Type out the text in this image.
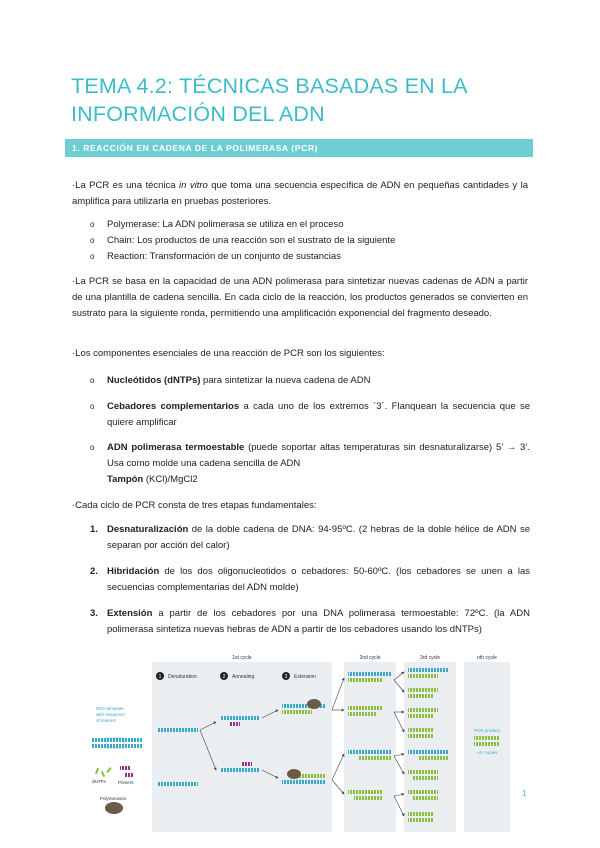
TEMA 4.2: TÉCNICAS BASADAS EN LA
INFORMACIÓN DEL ADN
1. REACCIÓN EN CADENA DE LA POLIMERASA (PCR)
·La PCR es una técnica in vitro que toma una secuencia específica de ADN en pequeñas cantidades y la amplifica para utilizarla en pruebas posteriores.
o Polymerase: La ADN polimerasa se utiliza en el proceso
o Chain: Los productos de una reacción son el sustrato de la siguiente
o Reaction: Transformación de un conjunto de sustancias
·La PCR se basa en la capacidad de una ADN polimerasa para sintetizar nuevas cadenas de ADN a partir de una plantilla de cadena sencilla. En cada ciclo de la reacción, los productos generados se convierten en sustrato para la siguiente ronda, permitiendo una amplificación exponencial del fragmento deseado.
·Los componentes esenciales de una reacción de PCR son los siguientes:
o Nucleótidos (dNTPs) para sintetizar la nueva cadena de ADN
o Cebadores complementarios a cada uno de los extremos ´3´. Flanquean la secuencia que se quiere amplificar
o ADN polimerasa termoestable (puede soportar altas temperaturas sin desnaturalizarse) 5’ → 3’. Usa como molde una cadena sencilla de ADN
Tampón (KCl)/MgCl2
·Cada ciclo de PCR consta de tres etapas fundamentales:
1. Desnaturalización de la doble cadena de DNA: 94-95ºC. (2 hebras de la doble hélice de ADN se separan por acción del calor)
2. Hibridación de los dos oligonucleotidos o cebadores: 50-60ºC. (los cebadores se unen a las secuencias complementarias del ADN molde)
3. Extensión a partir de los cebadores por una DNA polimerasa termoestable: 72ºC. (la ADN polimerasa sintetiza nuevas hebras de ADN a partir de los cebadores usando los dNTPs)
1st cycle	2nd cycle	3rd cycle	nth cycle
1 Denaturation	2 Annealing	3 Extension
DNA template
with sequence
of interest
dNTPs	Primers
Polymerases
PCR product
~2ⁿ copies
1
